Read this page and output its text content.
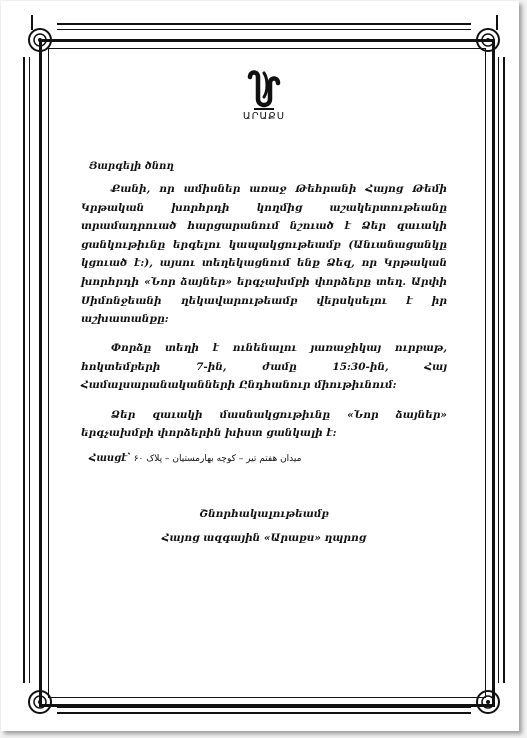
ԱՐԱՔՍ
Յարգելի ծնող

Քանի, որ ամիսներ առաջ Թեհրանի Հայոց Թեմի Կրթական խորհրդի կողմից աշակերտութեանը տրամադրուած հարցարանում նշուած է Ձեր զաւակի ցանկութիւնը երգելու կապակցութեամբ (Անւանացանկը կցուած է:), այսու տեղեկացնում ենք Ձեզ, որ Կրթական խորհրդի «Նոր ձայներ» երգչախմբի փորձերը տեղ. Արփի Սիմոնջեանի ղեկավարութեամբ վերսկսելու է իր աշխատանքը:

Փորձը տեղի է ունենալու յառաջիկայ ուրբաթ, հոկտեմբերի 7-ին, ժամը 15:30-ին, Հայ Համալսարանականների Ընդհանուր միութիւնում:

Ձեր զաւակի մասնակցութիւնը «Նոր ձայներ» երգչախմբի փորձերին խիստ ցանկալի է:

Հասցէ՝ میدان هفتم تیر – کوچه بهارمستیان – پلاک ۶۰
Շնորհակալութեամբ
Հայոց ազգային «Արաքս» ղպրոց
